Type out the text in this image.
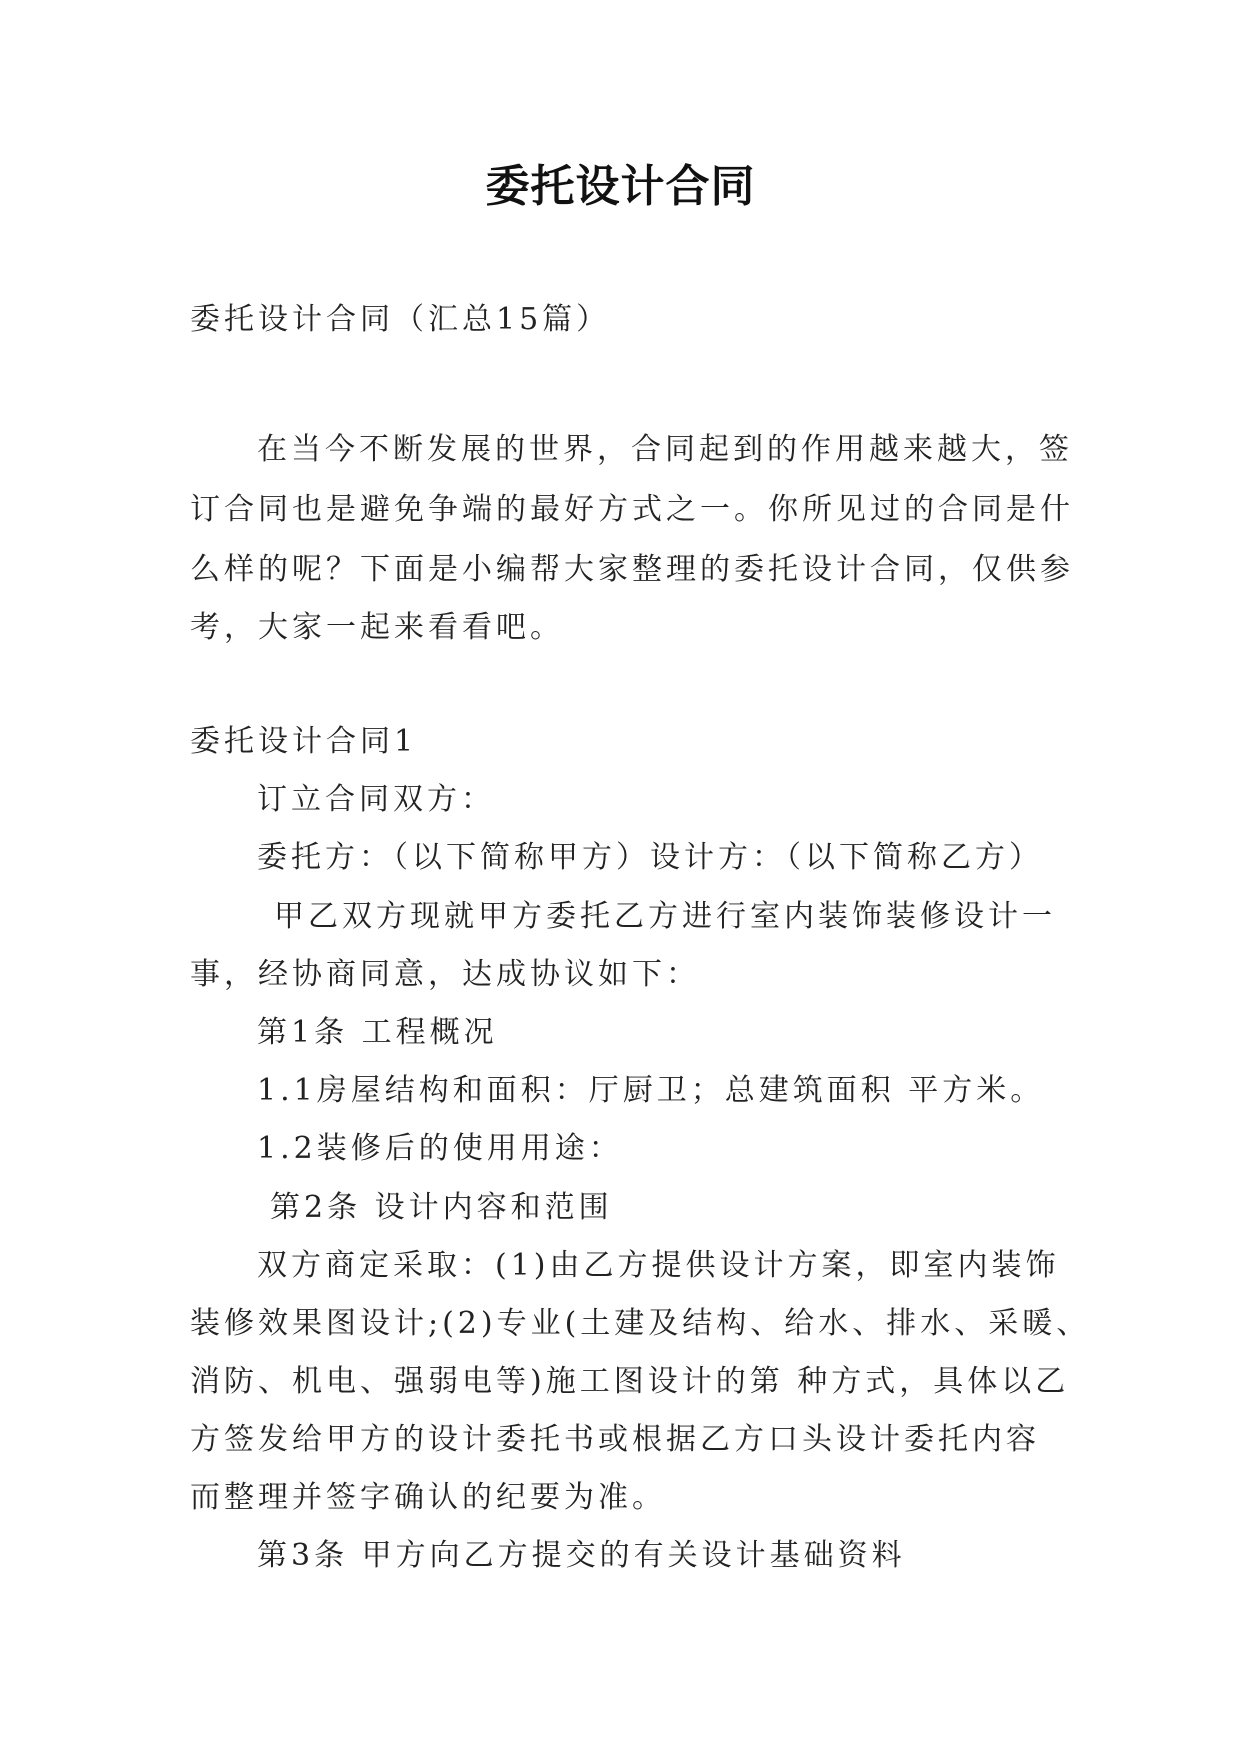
委托设计合同
委托设计合同（汇总15篇）
在当今不断发展的世界，合同起到的作用越来越大，签
订合同也是避免争端的最好方式之一。你所见过的合同是什
么样的呢？下面是小编帮大家整理的委托设计合同，仅供参
考，大家一起来看看吧。
委托设计合同1
订立合同双方：
委托方：（以下简称甲方）设计方：（以下简称乙方）
甲乙双方现就甲方委托乙方进行室内装饰装修设计一
事，经协商同意，达成协议如下：
第1条 工程概况
1.1房屋结构和面积：厅厨卫；总建筑面积 平方米。
1.2装修后的使用用途：
第2条 设计内容和范围
双方商定采取：(1)由乙方提供设计方案，即室内装饰
装修效果图设计;(2)专业(土建及结构、给水、排水、采暖、
消防、机电、强弱电等)施工图设计的第 种方式，具体以乙
方签发给甲方的设计委托书或根据乙方口头设计委托内容
而整理并签字确认的纪要为准。
第3条 甲方向乙方提交的有关设计基础资料
